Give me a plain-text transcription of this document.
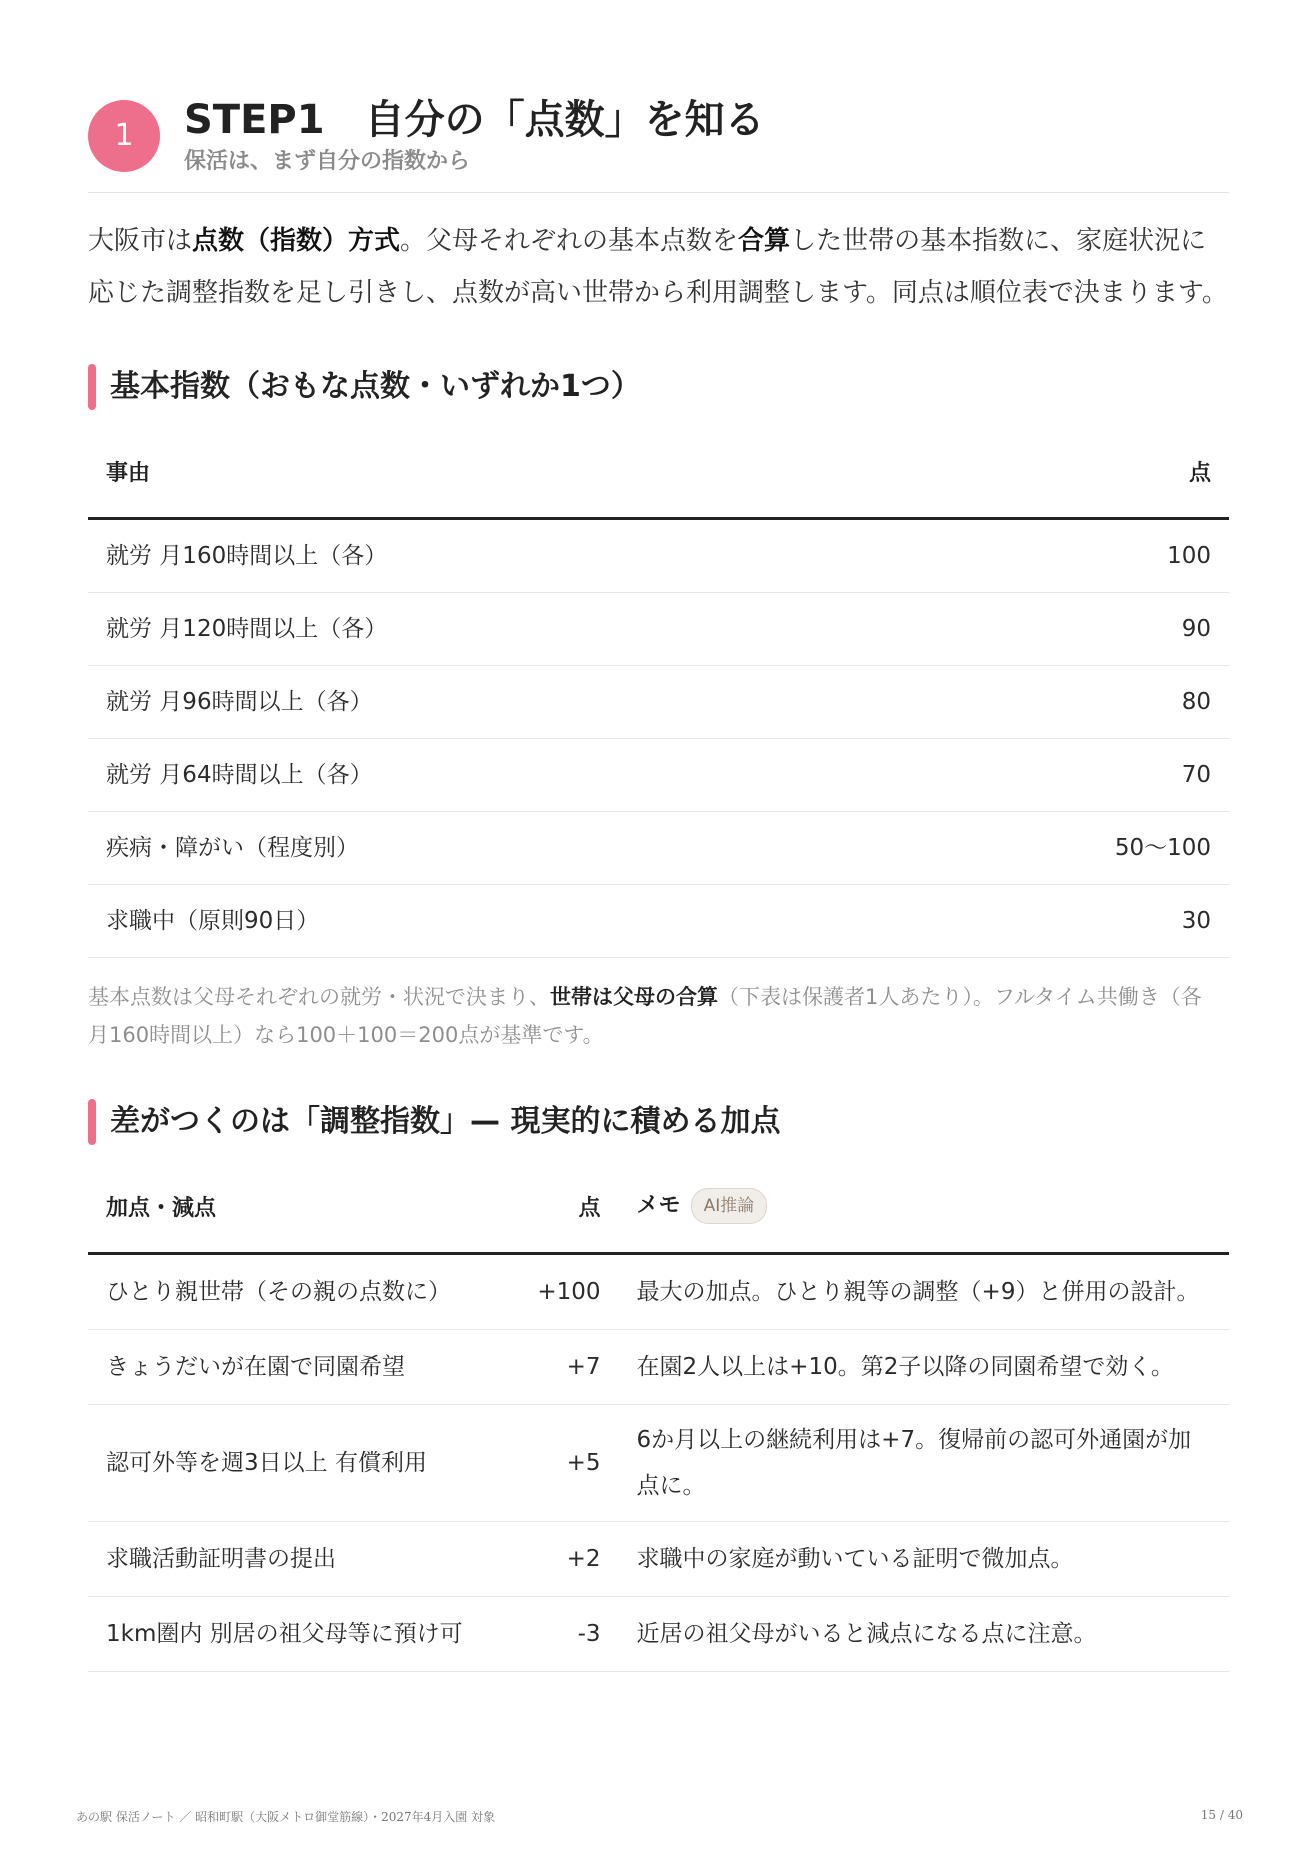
1	STEP1　自分の「点数」を知る
保活は、まず自分の指数から

大阪市は点数（指数）方式。父母それぞれの基本点数を合算した世帯の基本指数に、家庭状況に応じた調整指数を足し引きし、点数が高い世帯から利用調整します。同点は順位表で決まります。

基本指数（おもな点数・いずれか1つ）
事由	点
就労 月160時間以上（各）	100
就労 月120時間以上（各）	90
就労 月96時間以上（各）	80
就労 月64時間以上（各）	70
疾病・障がい（程度別）	50〜100
求職中（原則90日）	30

基本点数は父母それぞれの就労・状況で決まり、世帯は父母の合算（下表は保護者1人あたり）。フルタイム共働き（各 月160時間以上）なら100＋100＝200点が基準です。

差がつくのは「調整指数」— 現実的に積める加点
加点・減点	点	メモ AI推論
ひとり親世帯（その親の点数に）	+100	最大の加点。ひとり親等の調整（+9）と併用の設計。
きょうだいが在園で同園希望	+7	在園2人以上は+10。第2子以降の同園希望で効く。
認可外等を週3日以上 有償利用	+5	6か月以上の継続利用は+7。復帰前の認可外通園が加点に。
求職活動証明書の提出	+2	求職中の家庭が動いている証明で微加点。
1km圏内 別居の祖父母等に預け可	-3	近居の祖父母がいると減点になる点に注意。
あの駅 保活ノート ／ 昭和町駅（大阪メトロ御堂筋線）・2027年4月入園 対象	15 / 40
